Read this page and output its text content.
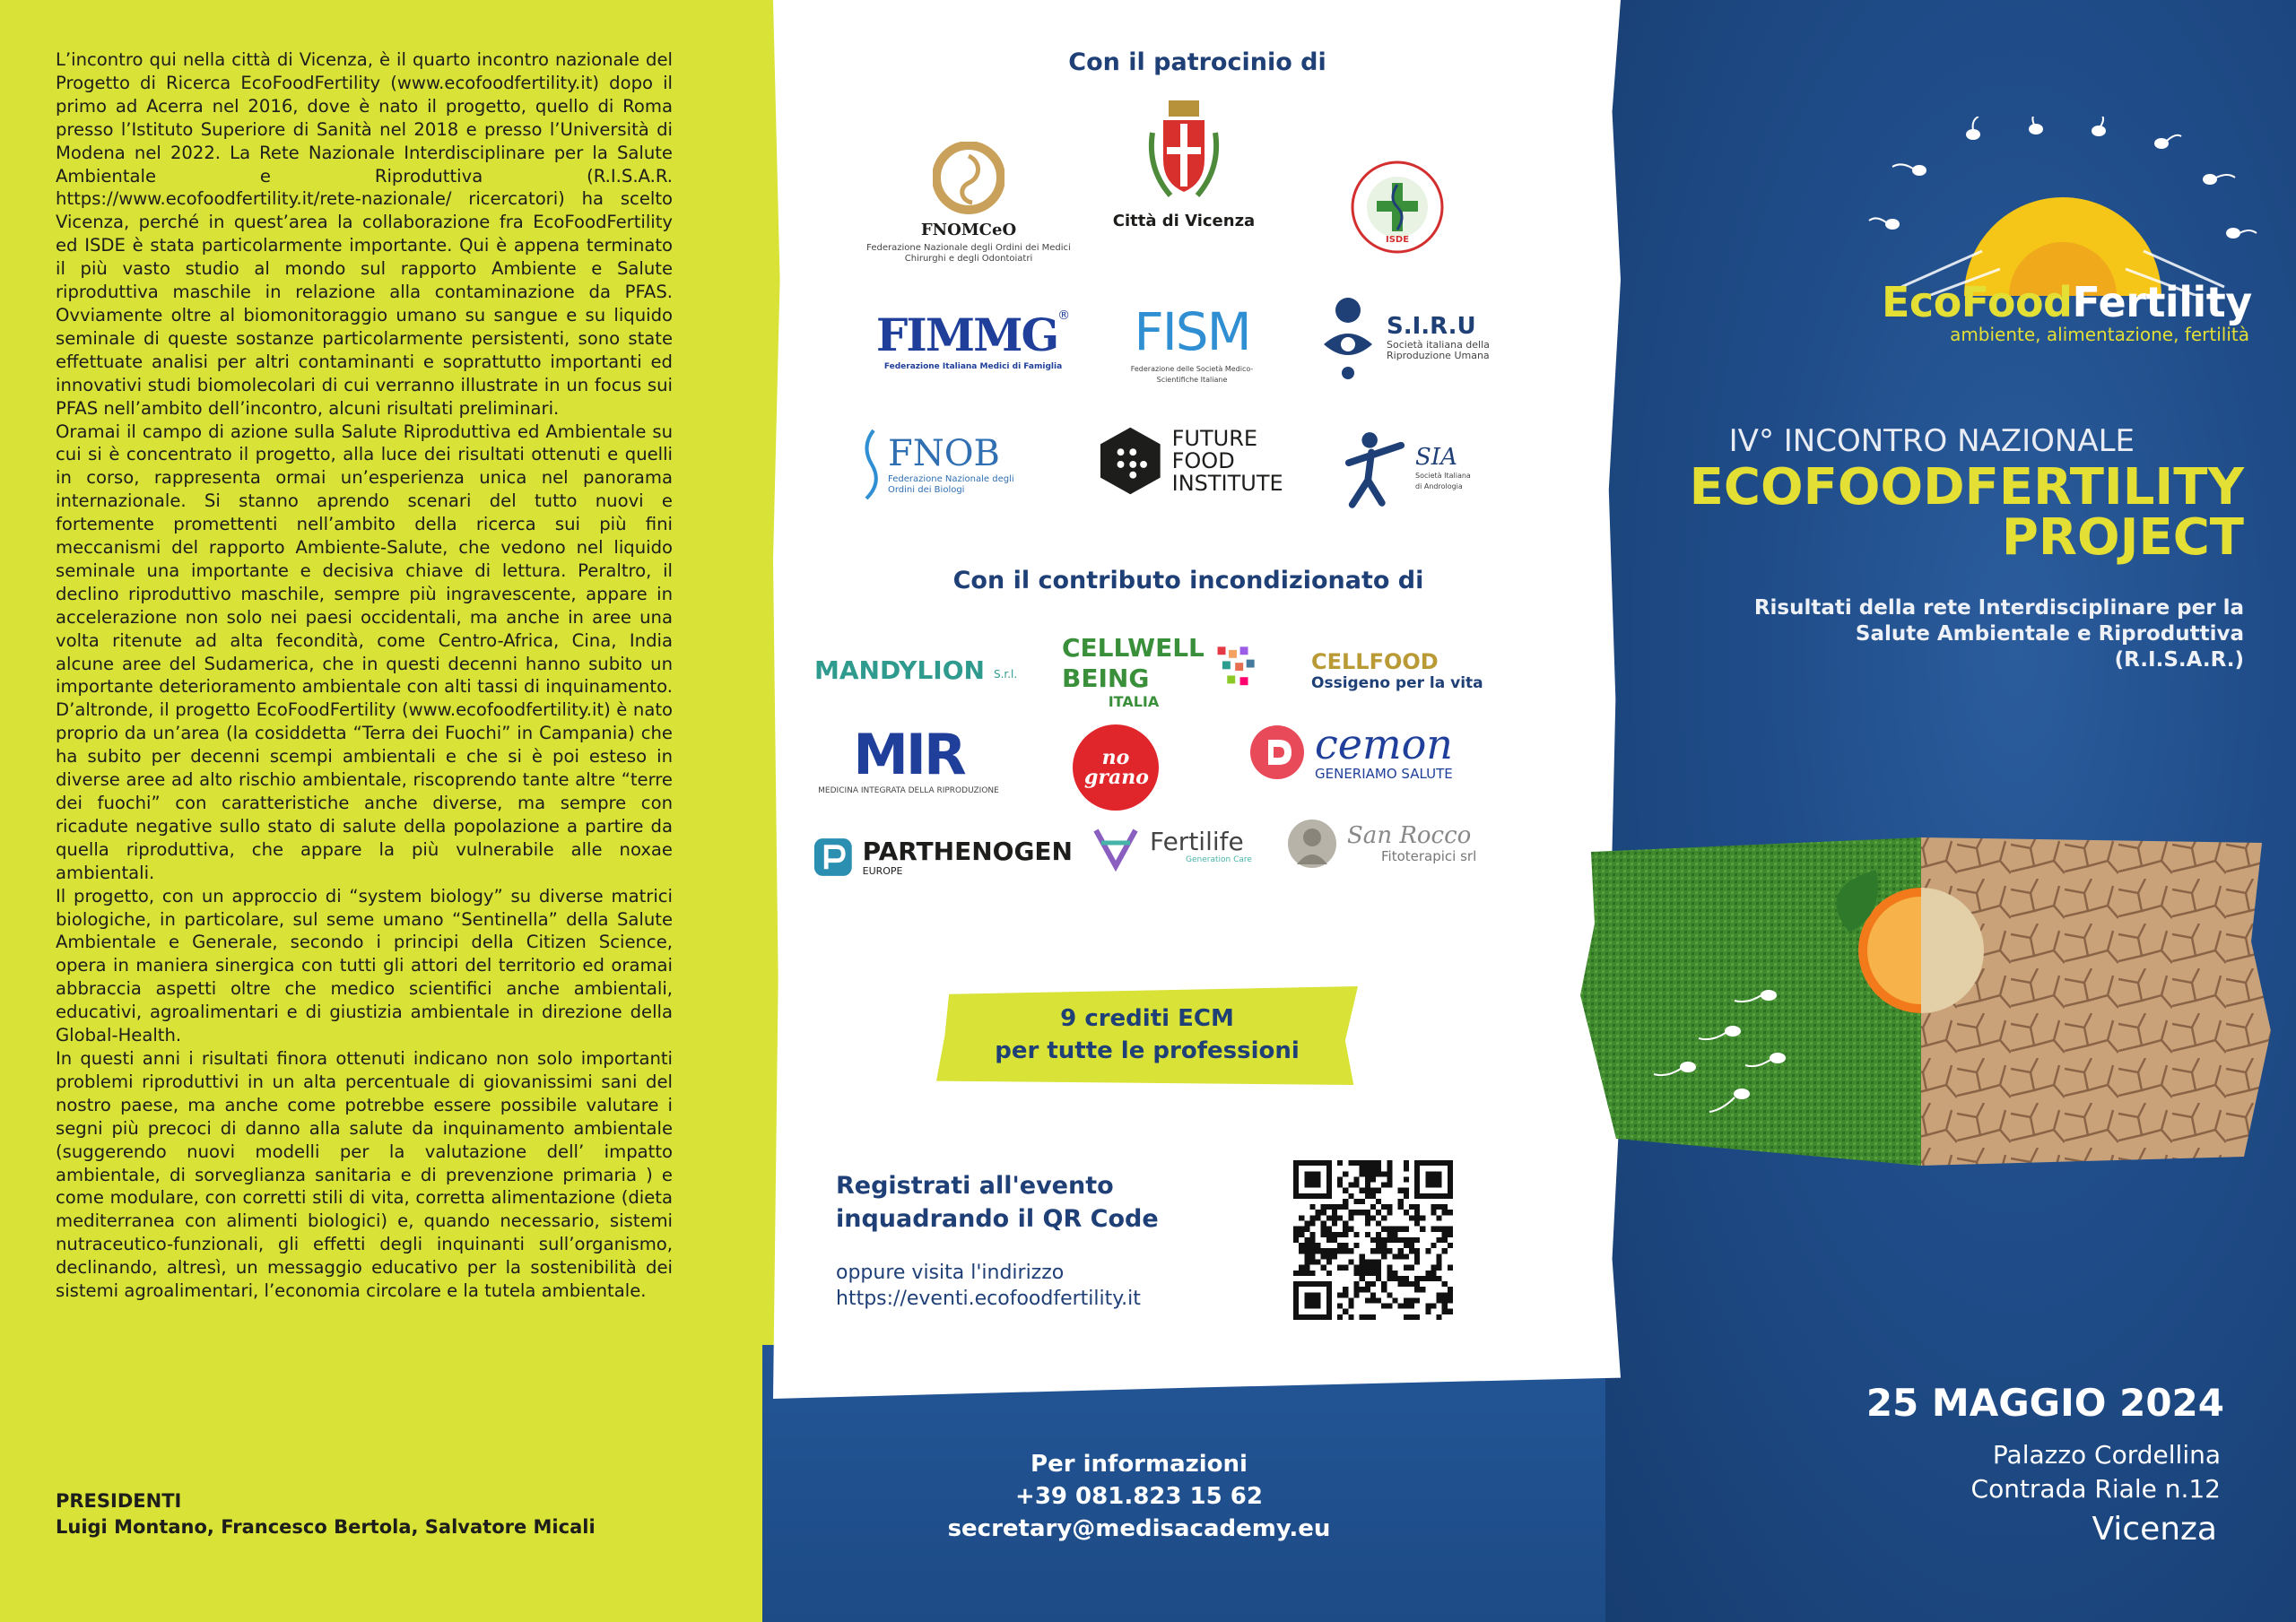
L’incontro qui nella città di Vicenza, è il quarto incontro nazionale del Progetto di Ricerca EcoFoodFertility (www.ecofoodfertility.it) dopo il primo ad Acerra nel 2016, dove è nato il progetto, quello di Roma presso l’Istituto Superiore di Sanità nel 2018 e presso l’Università di Modena nel 2022. La Rete Nazionale Interdisciplinare per la Salute Ambientale e Riproduttiva (R.I.S.A.R. https://www.ecofoodfertility.it/rete-nazionale/ ricercatori) ha scelto Vicenza, perché in quest’area la collaborazione fra EcoFoodFertility ed ISDE è stata particolarmente importante. Qui è appena terminato il più vasto studio al mondo sul rapporto Ambiente e Salute riproduttiva maschile in relazione alla contaminazione da PFAS. Ovviamente oltre al biomonitoraggio umano su sangue e su liquido seminale di queste sostanze particolarmente persistenti, sono state effettuate analisi per altri contaminanti e soprattutto importanti ed innovativi studi biomolecolari di cui verranno illustrate in un focus sui PFAS nell’ambito dell’incontro, alcuni risultati preliminari.

Oramai il campo di azione sulla Salute Riproduttiva ed Ambientale su cui si è concentrato il progetto, alla luce dei risultati ottenuti e quelli in corso, rappresenta ormai un’esperienza unica nel panorama internazionale. Si stanno aprendo scenari del tutto nuovi e fortemente promettenti nell’ambito della ricerca sui più fini meccanismi del rapporto Ambiente-Salute, che vedono nel liquido seminale una importante e decisiva chiave di lettura. Peraltro, il declino riproduttivo maschile, sempre più ingravescente, appare in accelerazione non solo nei paesi occidentali, ma anche in aree una volta ritenute ad alta fecondità, come Centro-Africa, Cina, India alcune aree del Sudamerica, che in questi decenni hanno subito un importante deterioramento ambientale con alti tassi di inquinamento. D’altronde, il progetto EcoFoodFertility (www.ecofoodfertility.it) è nato proprio da un’area (la cosiddetta “Terra dei Fuochi” in Campania) che ha subito per decenni scempi ambientali e che si è poi esteso in diverse aree ad alto rischio ambientale, riscoprendo tante altre “terre dei fuochi” con caratteristiche anche diverse, ma sempre con ricadute negative sullo stato di salute della popolazione a partire da quella riproduttiva, che appare la più vulnerabile alle noxae ambientali.

Il progetto, con un approccio di “system biology” su diverse matrici biologiche, in particolare, sul seme umano “Sentinella” della Salute Ambientale e Generale, secondo i principi della Citizen Science, opera in maniera sinergica con tutti gli attori del territorio ed oramai abbraccia aspetti oltre che medico scientifici anche ambientali, educativi, agroalimentari e di giustizia ambientale in direzione della Global-Health.

In questi anni i risultati finora ottenuti indicano non solo importanti problemi riproduttivi in un alta percentuale di giovanissimi sani del nostro paese, ma anche come potrebbe essere possibile valutare i segni più precoci di danno alla salute da inquinamento ambientale (suggerendo nuovi modelli per la valutazione dell’ impatto ambientale, di sorveglianza sanitaria e di prevenzione primaria ) e come modulare, con corretti stili di vita, corretta alimentazione (dieta mediterranea con alimenti biologici) e, quando necessario, sistemi nutraceutico-funzionali, gli effetti degli inquinanti sull’organismo, declinando, altresì, un messaggio educativo per la sostenibilità dei sistemi agroalimentari, l’economia circolare e la tutela ambientale.

PRESIDENTI
Luigi Montano, Francesco Bertola, Salvatore Micali
Con il patrocinio di
FNOMCeO
Federazione Nazionale degli Ordini dei Medici Chirurghi e degli Odontoiatri
Città di Vicenza
ISDE
FIMMG ®
Federazione Italiana Medici di Famiglia
FISM
Federazione delle Società Medico-Scientifiche Italiane
S.I.R.U
Società italiana della Riproduzione Umana
FNOB
Federazione Nazionale degli Ordini dei Biologi
FUTURE FOOD INSTITUTE
SIA
Società Italiana di Andrologia
Con il contributo incondizionato di
MANDYLION S.r.l.
CELLWELLBEING
ITALIA
CELLFOOD
Ossigeno per la vita
MIR
MEDICINA INTEGRATA DELLA RIPRODUZIONE
no grano
cemon
GENERIAMO SALUTE
PARTHENOGEN
EUROPE
Fertilife
Generation Care
San Rocco
Fitoterapici srl
9 crediti ECM
per tutte le professioni
Registrati all'evento
inquadrando il QR Code
oppure visita l'indirizzo
https://eventi.ecofoodfertility.it
Per informazioni
+39 081.823 15 62
secretary@medisacademy.eu
EcoFoodFertility
ambiente, alimentazione, fertilità
IV° INCONTRO NAZIONALE
ECOFOODFERTILITY
PROJECT
Risultati della rete Interdisciplinare per la
Salute Ambientale e Riproduttiva
(R.I.S.A.R.)
25 MAGGIO 2024
Palazzo Cordellina
Contrada Riale n.12
Vicenza
